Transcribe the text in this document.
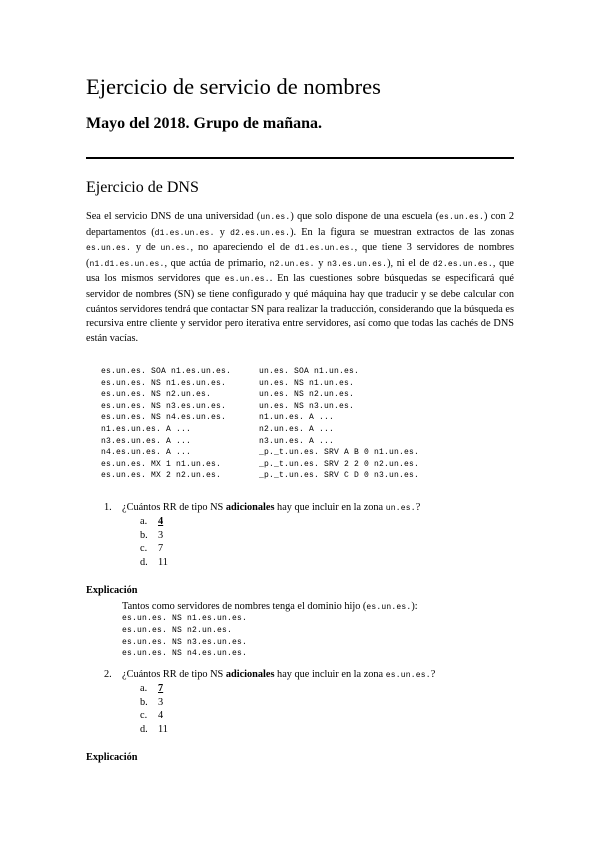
Ejercicio de servicio de nombres
Mayo del 2018. Grupo de mañana.
Ejercicio de DNS

Sea el servicio DNS de una universidad (un.es.) que solo dispone de una escuela (es.un.es.) con 2 departamentos (d1.es.un.es. y d2.es.un.es.). En la figura se muestran extractos de las zonas es.un.es. y de un.es., no apareciendo el de d1.es.un.es., que tiene 3 servidores de nombres (n1.d1.es.un.es., que actúa de primario, n2.un.es. y n3.es.un.es.), ni el de d2.es.un.es., que usa los mismos servidores que es.un.es.. En las cuestiones sobre búsquedas se especificará qué servidor de nombres (SN) se tiene configurado y qué máquina hay que traducir y se debe calcular con cuántos servidores tendrá que contactar SN para realizar la traducción, considerando que la búsqueda es recursiva entre cliente y servidor pero iterativa entre servidores, así como que todas las cachés de DNS están vacías.

es.un.es. SOA n1.es.un.es.
es.un.es. NS n1.es.un.es.
es.un.es. NS n2.un.es.
es.un.es. NS n3.es.un.es.
es.un.es. NS n4.es.un.es.
n1.es.un.es. A ...
n3.es.un.es. A ...
n4.es.un.es. A ...
es.un.es. MX 1 n1.un.es.
es.un.es. MX 2 n2.un.es.
un.es. SOA n1.un.es.
un.es. NS n1.un.es.
un.es. NS n2.un.es.
un.es. NS n3.un.es.
n1.un.es. A ...
n2.un.es. A ...
n3.un.es. A ...
_p._t.un.es. SRV A B 0 n1.un.es.
_p._t.un.es. SRV 2 2 0 n2.un.es.
_p._t.un.es. SRV C D 0 n3.un.es.
1. ¿Cuántos RR de tipo NS adicionales hay que incluir en la zona un.es.?
a. 4
b. 3
c. 7
d. 11
Explicación
Tantos como servidores de nombres tenga el dominio hijo (es.un.es.):
es.un.es. NS n1.es.un.es.
es.un.es. NS n2.un.es.
es.un.es. NS n3.es.un.es.
es.un.es. NS n4.es.un.es.
2. ¿Cuántos RR de tipo NS adicionales hay que incluir en la zona es.un.es.?
a. 7
b. 3
c. 4
d. 11
Explicación
